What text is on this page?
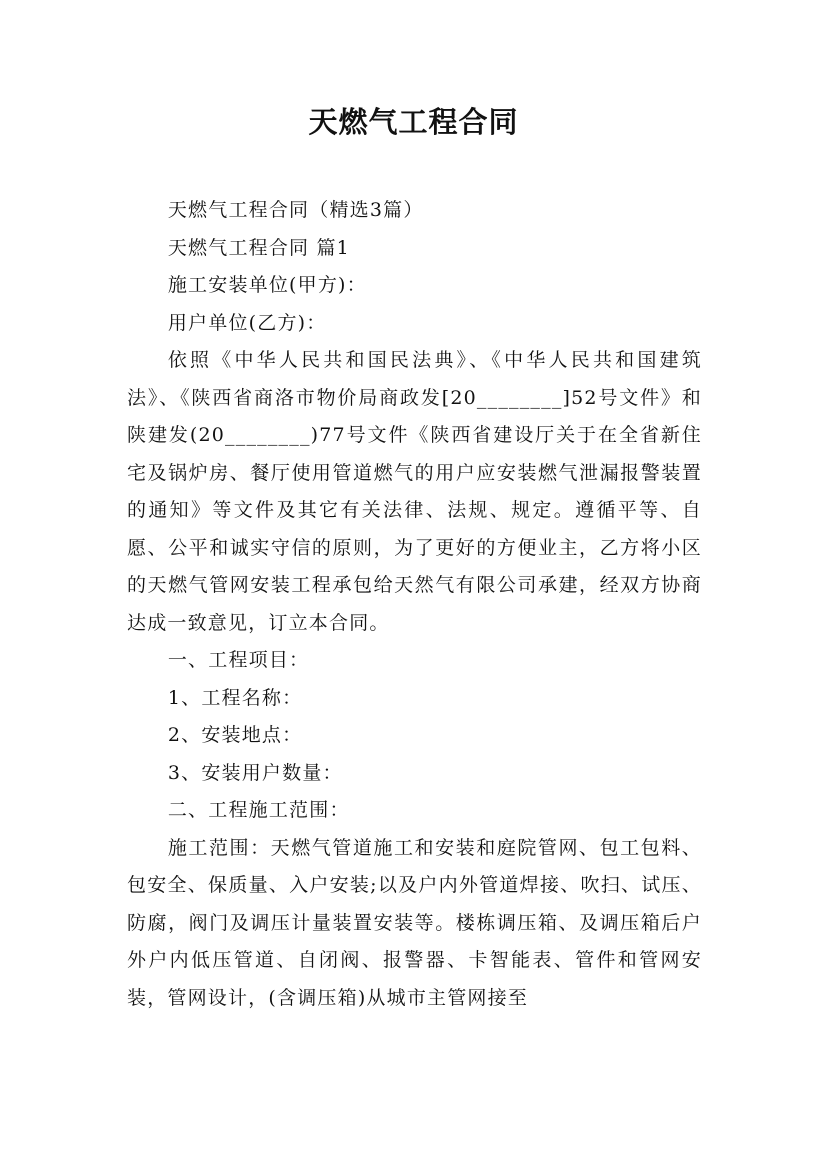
天燃气工程合同

天燃气工程合同（精选3篇）

天燃气工程合同 篇1

施工安装单位(甲方)：

用户单位(乙方)：

依照《中华人民共和国民法典》、《中华人民共和国建筑法》、《陕西省商洛市物价局商政发[20________]52号文件》和陕建发(20________)77号文件《陕西省建设厅关于在全省新住宅及锅炉房、餐厅使用管道燃气的用户应安装燃气泄漏报警装置的通知》等文件及其它有关法律、法规、规定。遵循平等、自愿、公平和诚实守信的原则，为了更好的方便业主，乙方将小区的天燃气管网安装工程承包给天然气有限公司承建，经双方协商达成一致意见，订立本合同。

一、工程项目：

1、工程名称：

2、安装地点：

3、安装用户数量：

二、工程施工范围：

施工范围：天燃气管道施工和安装和庭院管网、包工包料、包安全、保质量、入户安装;以及户内外管道焊接、吹扫、试压、防腐，阀门及调压计量装置安装等。楼栋调压箱、及调压箱后户外户内低压管道、自闭阀、报警器、卡智能表、管件和管网安装，管网设计，(含调压箱)从城市主管网接至
